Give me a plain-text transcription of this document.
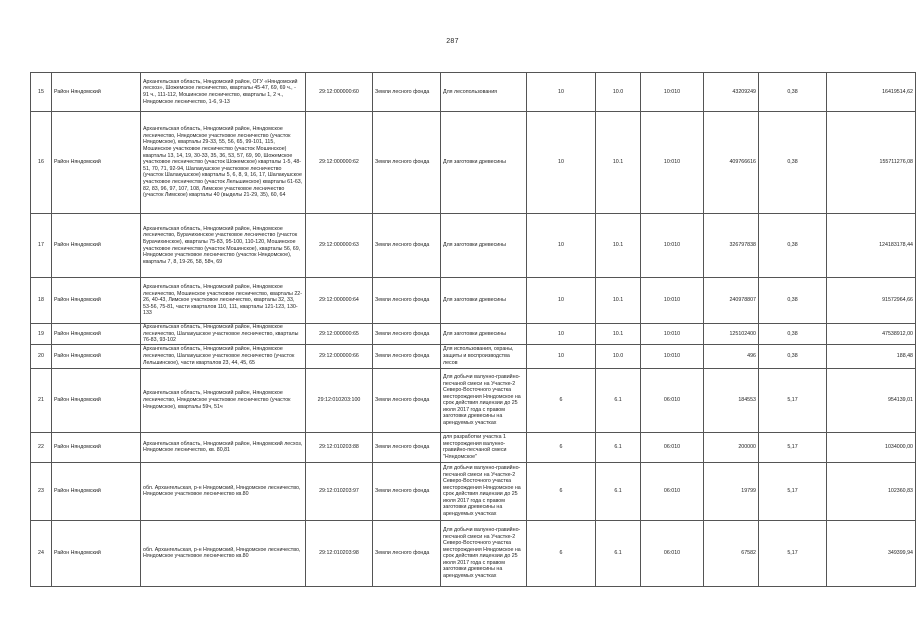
287
15	Район Няндомский	Архангельская область, Няндомский район, ОГУ «Няндомский лесхоз», Шожемское лесничество, кварталы 45-47, 69, 69 ч., - 91 ч., 111-112, Мошинское лесничество, кварталы 1, 2 ч., Няндомское лесничество, 1-6, 9-13	29:12:000000:60	Земли лесного фонда	Для лесопользования	10	10.0	10:010	43209249	0,38	16419514,62
16	Район Няндомский	Архангельская область, Няндомский район, Няндомское лесничество, Няндомское участковое лесничество (участок Няндомское), кварталы 29-33, 55, 56, 65, 99-101, 115, Мошинское участковое лесничество (участок Мошинское) кварталы 13, 14, 19, 30-33, 35, 36, 53, 57, 69, 90, Шожемское участковое лесничество (участок Шожемское) кварталы 1-5, 48-51, 70, 71, 92-94, Шалакушское участковое лесничество (участок Шалакушское) кварталы 5, 6, 8, 9, 16, 17, Шалакушское участковое лесничество (участок Лельшинское) кварталы 61-63, 82, 83, 96, 97, 107, 108, Лимское участковое лесничество (участок Лимское) кварталы 40 (выделы 21-29, 35), 60, 64	29:12:000000:62	Земли лесного фонда	Для заготовки древесины	10	10.1	10:010	409766616	0,38	155711276,08
17	Район Няндомский	Архангельская область, Няндомский район, Няндомское лесничество, Бурачихинское участковое лесничество (участок Бурачихинское), кварталы 75-83, 95-100, 110-120, Мошинское участковое лесничество (участок Мошинское), кварталы 56, 69, Няндомское участковое лесничество (участок Няндомское), кварталы 7, 8, 19-26, 58, 58ч, 69	29:12:000000:63	Земли лесного фонда	Для заготовки древесины	10	10.1	10:010	326797838	0,38	124183178,44
18	Район Няндомский	Архангельская область, Няндомский район, Няндомское лесничество, Мошинское участковое лесничество, кварталы 22-26, 40-43, Лимское участковое лесничество, кварталы 32, 33, 53-56, 75-81, части кварталов 110, 111, кварталы 121-123, 130-133	29:12:000000:64	Земли лесного фонда	Для заготовки древесины	10	10.1	10:010	240978807	0,38	91572964,66
19	Район Няндомский	Архангельская область, Няндомский район, Няндомское лесничество, Шалакушское участковое лесничество, кварталы 76-83, 93-102	29:12:000000:65	Земли лесного фонда	Для заготовки древесины	10	10.1	10:010	125102400	0,38	47538912,00
20	Район Няндомский	Архангельская область, Няндомский район, Няндомское лесничество, Шалакушское участковое лесничество (участок Лельшинское), части кварталов 23, 44, 45, 65	29:12:000000:66	Земли лесного фонда	Для использования, охраны, защиты и воспроизводства лесов	10	10.0	10:010	496	0,38	188,48
21	Район Няндомский	Архангельская область, Няндомский район, Няндомское лесничество, Няндомское участковое лесничество (участок Няндомское), кварталы 59ч, 51ч	29:12:010203:100	Земли лесного фонда	Для добычи валунно-гравийно-песчаной смеси на Участке-2 Северо-Восточного участка месторождения Няндомское на срок действия лицензии до 25 июля 2017 года с правом заготовки древесины на арендуемых участках	6	6.1	06:010	184553	5,17	954139,01
22	Район Няндомский	Архангельская область, Няндомский район, Няндомский лесхоз, Няндомское лесничество, кв. 80,81	29:12:010203:88	Земли лесного фонда	для разработки участка 1 месторождения валунно-гравийно-песчаной смеси "Няндомское"	6	6.1	06:010	200000	5,17	1034000,00
23	Район Няндомский	обл. Архангельская, р-н Няндомский, Няндомское лесничество, Няндомское участковое лесничество кв.80	29:12:010203:97	Земли лесного фонда	Для добычи валунно-гравийно-песчаной смеси на Участке-2 Северо-Восточного участка месторождения Няндомское на срок действия лицензии до 25 июля 2017 года с правом заготовки древесины на арендуемых участках	6	6.1	06:010	19799	5,17	102360,83
24	Район Няндомский	обл. Архангельская, р-н Няндомский, Няндомское лесничество, Няндомское участковое лесничество кв.80	29:12:010203:98	Земли лесного фонда	Для добычи валунно-гравийно-песчаной смеси на Участке-2 Северо-Восточного участка месторождения Няндомское на срок действия лицензии до 25 июля 2017 года с правом заготовки древесины на арендуемых участках	6	6.1	06:010	67582	5,17	349399,94
